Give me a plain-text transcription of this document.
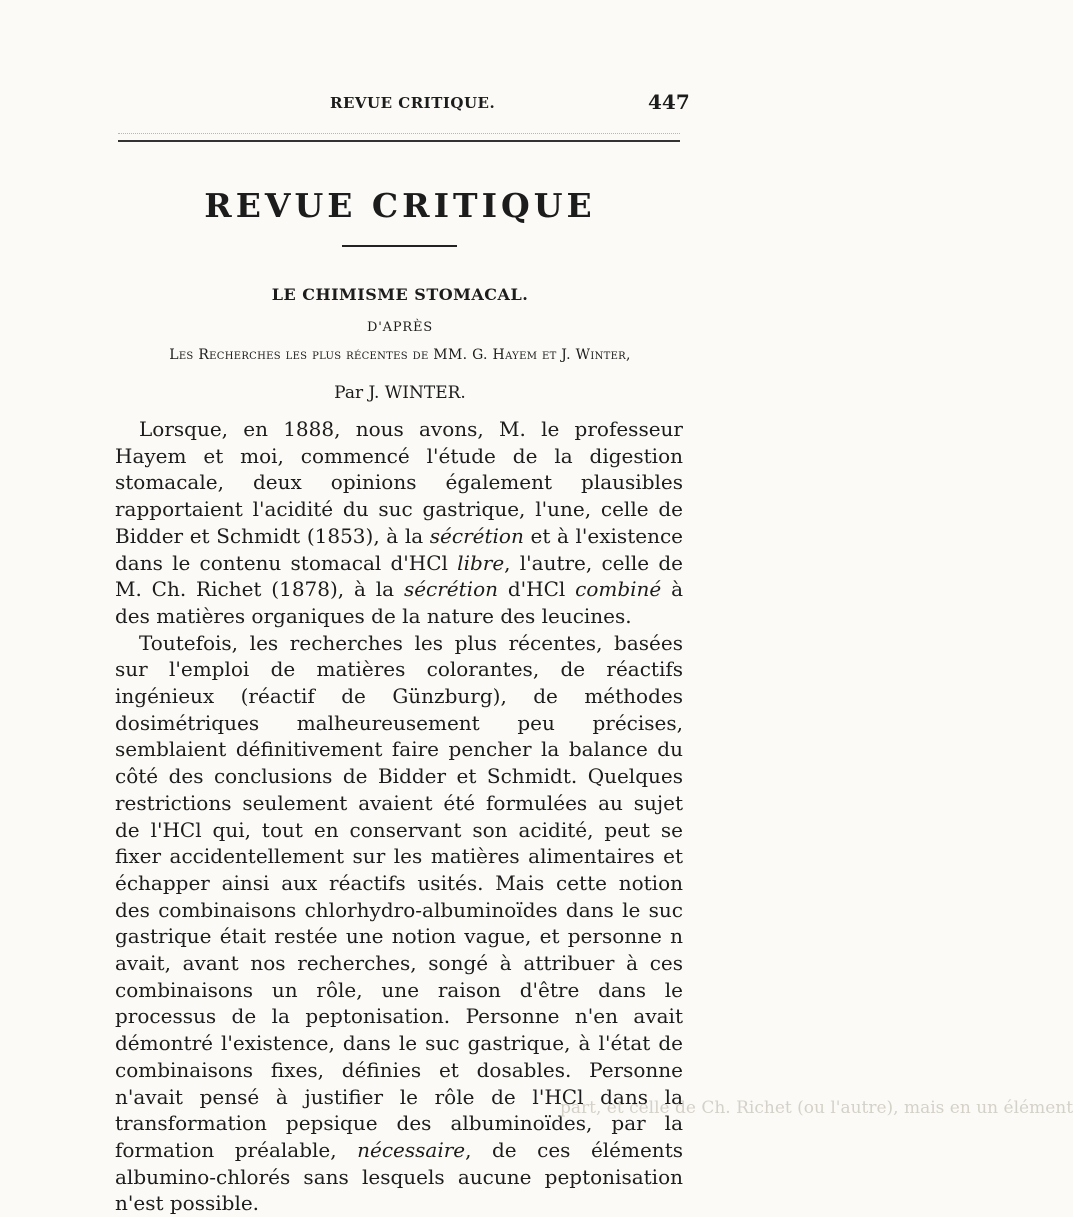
REVUE CRITIQUE.	447
REVUE CRITIQUE
LE CHIMISME STOMACAL.
D'APRÈS
Les Recherches les plus récentes de MM. G. Hayem et J. Winter,
Par J. WINTER.

Lorsque, en 1888, nous avons, M. le professeur Hayem et moi, commencé l'étude de la digestion stomacale, deux opinions également plausibles rapportaient l'acidité du suc gastrique, l'une, celle de Bidder et Schmidt (1853), à la sécrétion et à l'existence dans le contenu stomacal d'HCl libre, l'autre, celle de M. Ch. Richet (1878), à la sécrétion d'HCl combiné à des matières organiques de la nature des leucines.

Toutefois, les recherches les plus récentes, basées sur l'emploi de matières colorantes, de réactifs ingénieux (réactif de Günzburg), de méthodes dosimétriques malheureusement peu précises, semblaient définitivement faire pencher la balance du côté des conclusions de Bidder et Schmidt. Quelques restrictions seulement avaient été formulées au sujet de l'HCl qui, tout en conservant son acidité, peut se fixer accidentellement sur les matières alimentaires et échapper ainsi aux réactifs usités. Mais cette notion des combinaisons chlorhydro-albuminoïdes dans le suc gastrique était restée une notion vague, et personne n avait, avant nos recherches, songé à attribuer à ces combinaisons un rôle, une raison d'être dans le processus de la peptonisation. Personne n'en avait démontré l'existence, dans le suc gastrique, à l'état de combinaisons fixes, définies et dosables. Personne n'avait pensé à justifier le rôle de l'HCl dans la transformation pepsique des albuminoïdes, par la formation préalable, nécessaire, de ces éléments albumino-chlorés sans lesquels aucune peptonisation n'est possible.

part, et celle de Ch. Richet (ou l'autre), mais en un élément
